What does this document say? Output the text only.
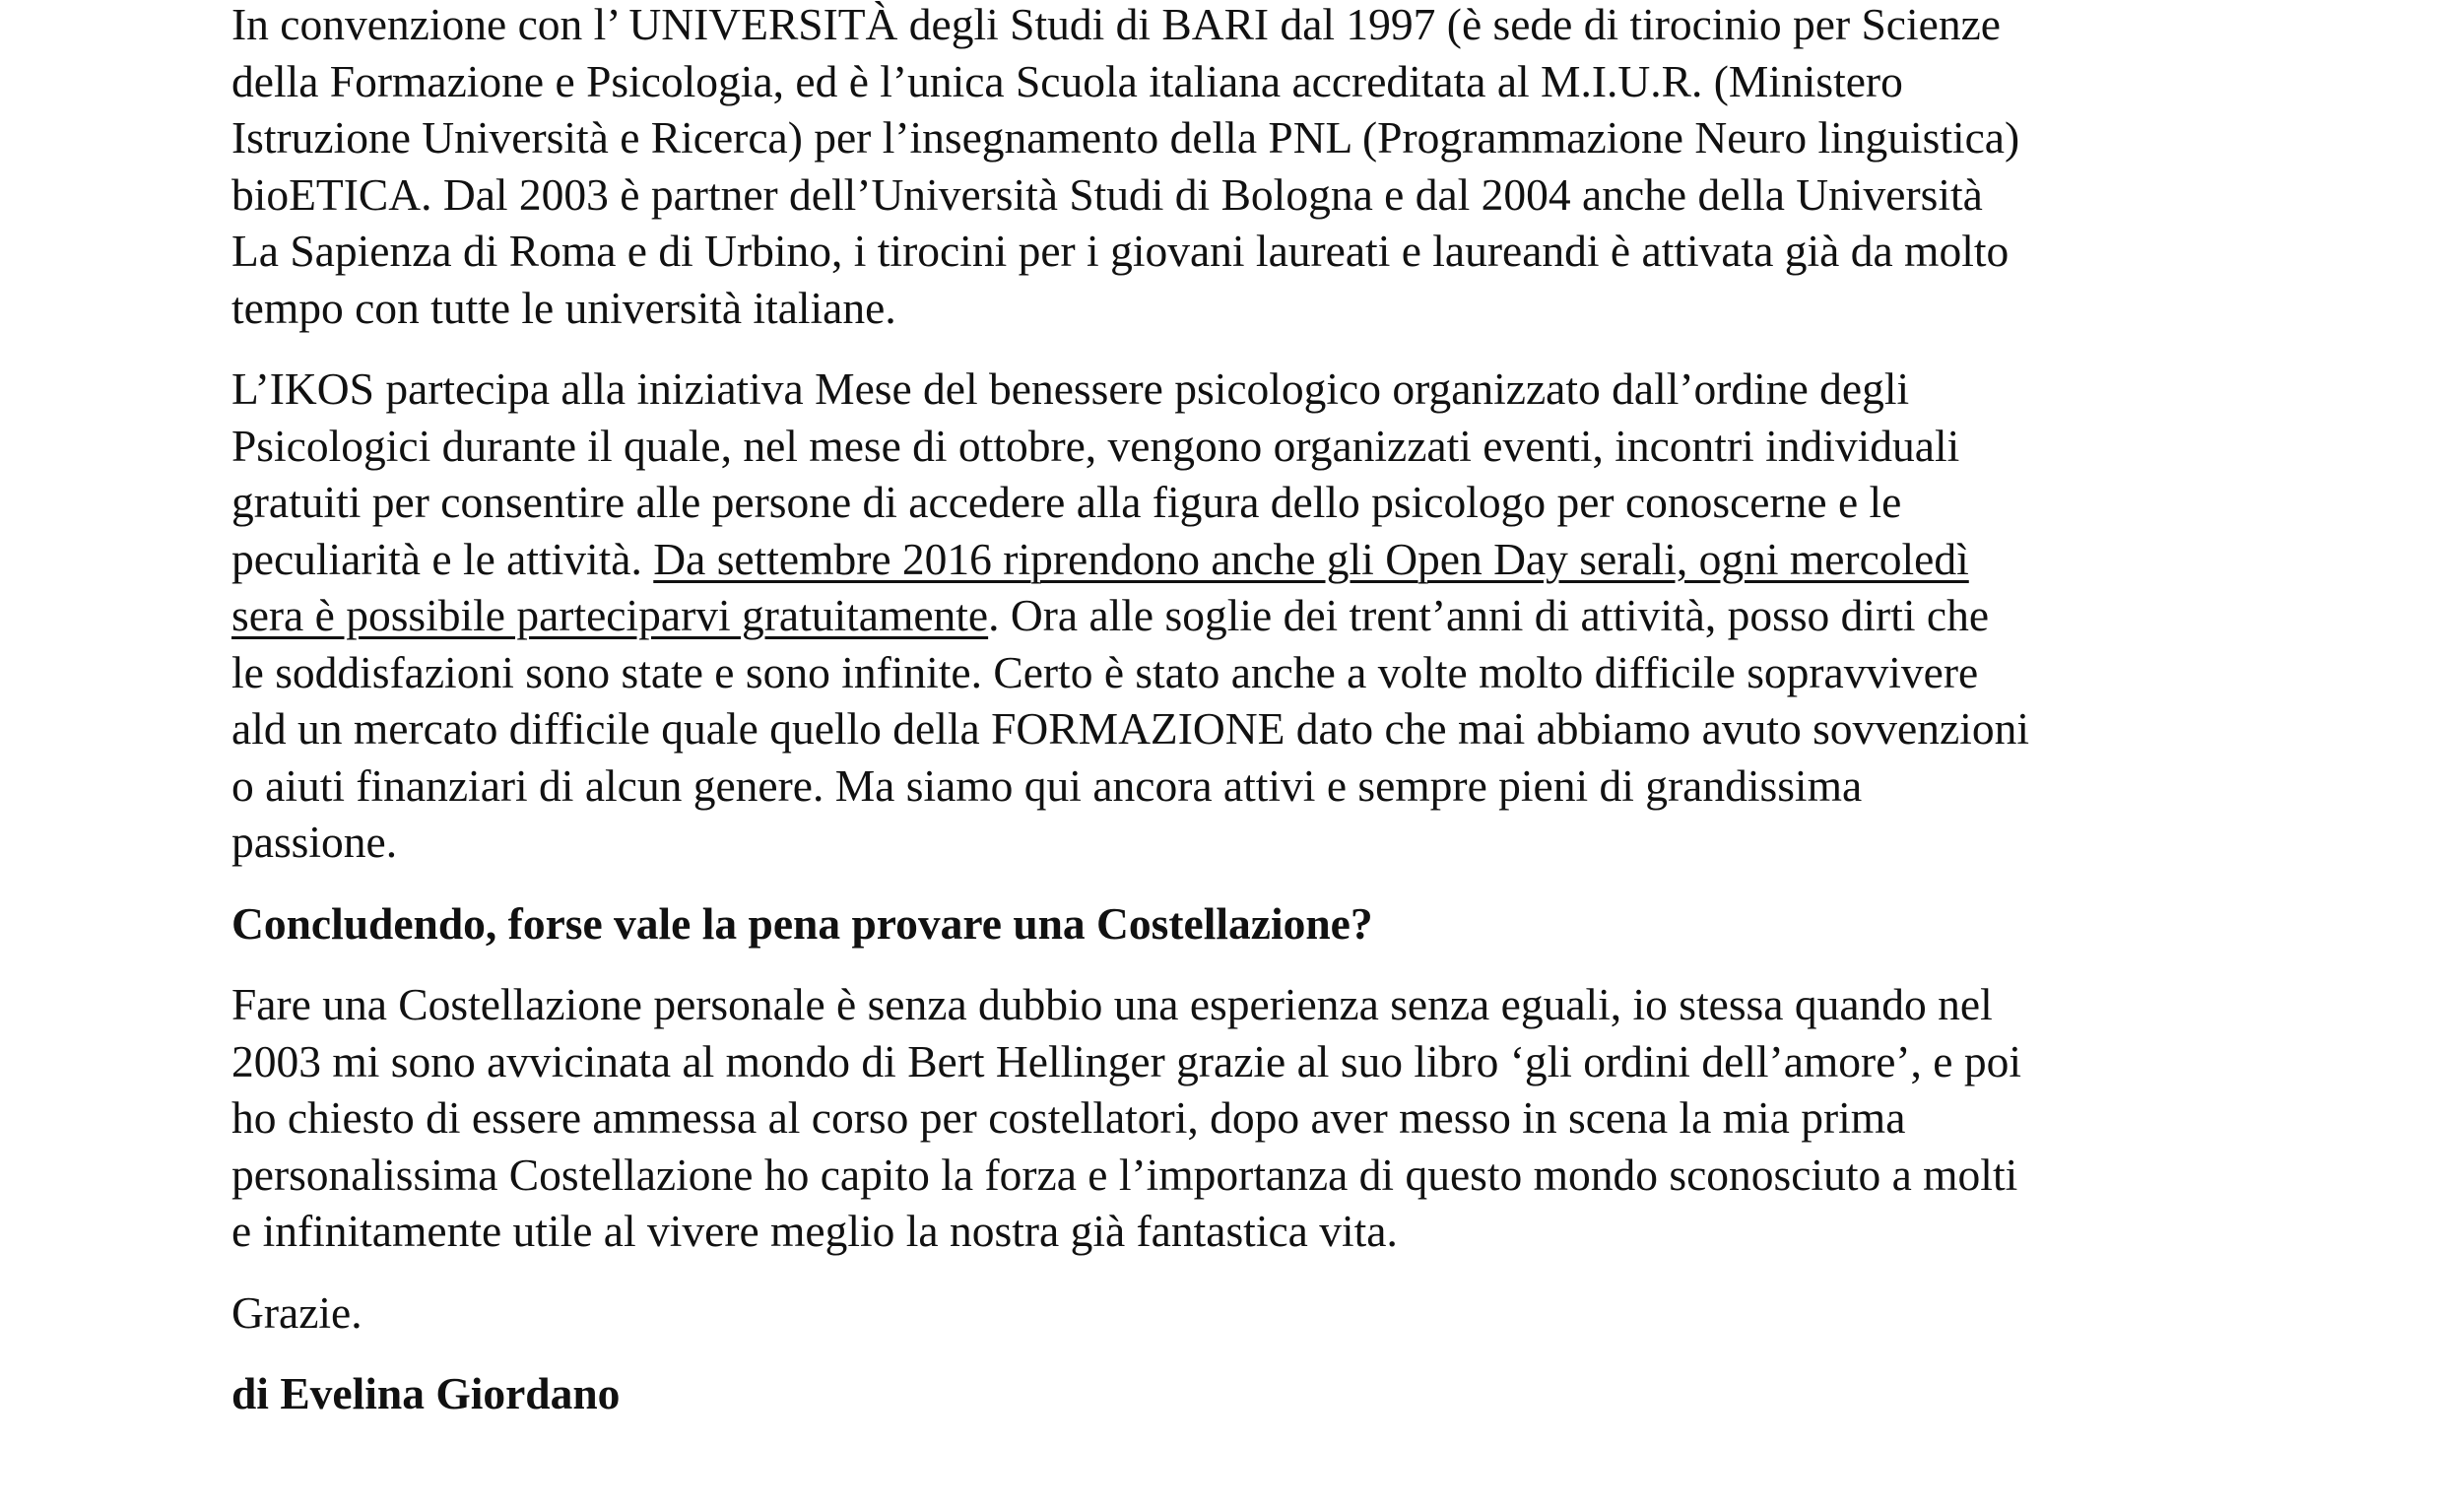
In convenzione con l’ UNIVERSITÀ degli Studi di BARI dal 1997 (è sede di tirocinio per Scienze
della Formazione e Psicologia, ed è l’unica Scuola italiana accreditata al M.I.U.R. (Ministero
Istruzione Università e Ricerca) per l’insegnamento della PNL (Programmazione Neuro linguistica)
bioETICA. Dal 2003 è partner dell’Università Studi di Bologna e dal 2004 anche della Università
La Sapienza di Roma e di Urbino, i tirocini per i giovani laureati e laureandi è attivata già da molto
tempo con tutte le università italiane.

L’IKOS partecipa alla iniziativa Mese del benessere psicologico organizzato dall’ordine degli
Psicologici durante il quale, nel mese di ottobre, vengono organizzati eventi, incontri individuali
gratuiti per consentire alle persone di accedere alla figura dello psicologo per conoscerne e le
peculiarità e le attività. Da settembre 2016 riprendono anche gli Open Day serali, ogni mercoledì
sera è possibile parteciparvi gratuitamente. Ora alle soglie dei trent’anni di attività, posso dirti che
le soddisfazioni sono state e sono infinite. Certo è stato anche a volte molto difficile sopravvivere
ald un mercato difficile quale quello della FORMAZIONE dato che mai abbiamo avuto sovvenzioni
o aiuti finanziari di alcun genere. Ma siamo qui ancora attivi e sempre pieni di grandissima
passione.

Concludendo, forse vale la pena provare una Costellazione?

Fare una Costellazione personale è senza dubbio una esperienza senza eguali, io stessa quando nel
2003 mi sono avvicinata al mondo di Bert Hellinger grazie al suo libro ‘gli ordini dell’amore’, e poi
ho chiesto di essere ammessa al corso per costellatori, dopo aver messo in scena la mia prima
personalissima Costellazione ho capito la forza e l’importanza di questo mondo sconosciuto a molti
e infinitamente utile al vivere meglio la nostra già fantastica vita.

Grazie.

di Evelina Giordano
